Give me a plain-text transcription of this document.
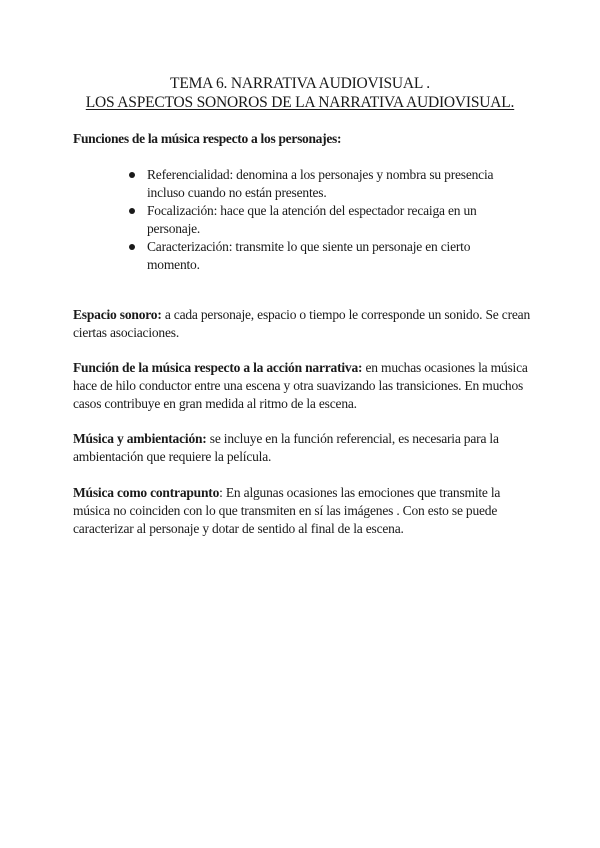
TEMA 6. NARRATIVA AUDIOVISUAL .
LOS ASPECTOS SONOROS DE LA NARRATIVA AUDIOVISUAL.
Funciones de la música respecto a los personajes:
Referencialidad: denomina a los personajes y nombra su presencia incluso cuando no están presentes.
Focalización: hace que la atención del espectador recaiga en un personaje.
Caracterización: transmite lo que siente un personaje en cierto momento.

Espacio sonoro: a cada personaje, espacio o tiempo le corresponde un sonido. Se crean ciertas asociaciones.

Función de la música respecto a la acción narrativa: en muchas ocasiones la música hace de hilo conductor entre una escena y otra suavizando las transiciones. En muchos casos contribuye en gran medida al ritmo de la escena.

Música y ambientación: se incluye en la función referencial, es necesaria para la ambientación que requiere la película.

Música como contrapunto: En algunas ocasiones las emociones que transmite la música no coinciden con lo que transmiten en sí las imágenes . Con esto se puede caracterizar al personaje y dotar de sentido al final de la escena.
